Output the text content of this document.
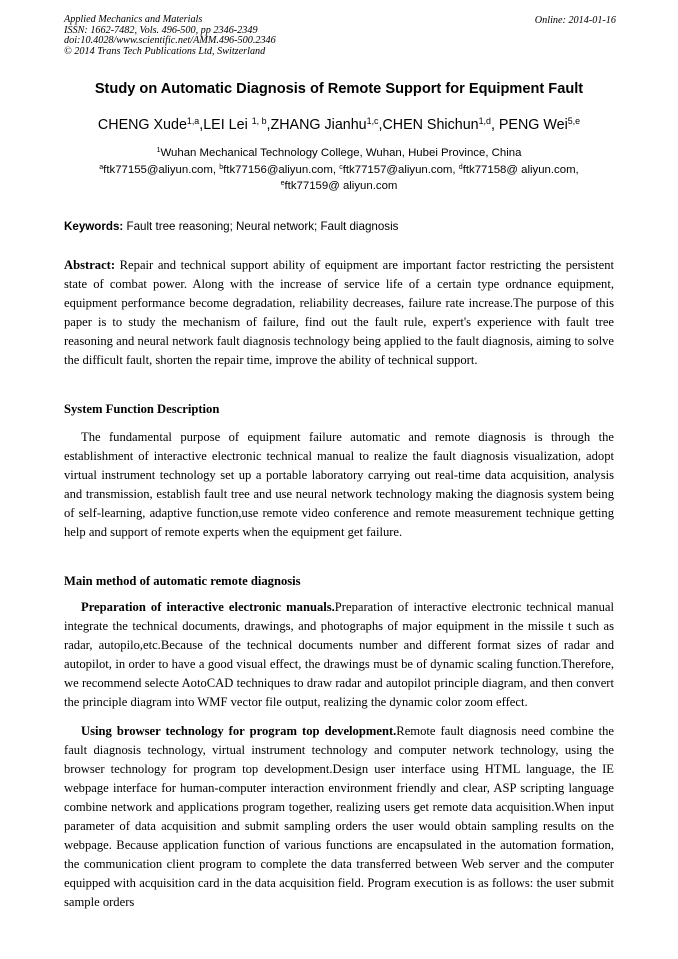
Applied Mechanics and Materials
ISSN: 1662-7482, Vols. 496-500, pp 2346-2349
doi:10.4028/www.scientific.net/AMM.496-500.2346
© 2014 Trans Tech Publications Ltd, Switzerland
Online: 2014-01-16
Study on Automatic Diagnosis of Remote Support for Equipment Fault
CHENG Xude$^{1,a}$,LEI Lei $^{1, b}$,ZHANG Jianhu$^{1,c}$,CHEN Shichun$^{1,d}$, PENG Wei$^{5,e}$
$^1$Wuhan Mechanical Technology College, Wuhan, Hubei Province, China
$^a$ftk77155@aliyun.com, $^b$ftk77156@aliyun.com, $^c$ftk77157@aliyun.com, $^d$ftk77158@ aliyun.com,
$^e$ftk77159@ aliyun.com
Keywords: Fault tree reasoning; Neural network; Fault diagnosis

Abstract: Repair and technical support ability of equipment are important factor restricting the persistent state of combat power. Along with the increase of service life of a certain type ordnance equipment, equipment performance become degradation, reliability decreases, failure rate increase.The purpose of this paper is to study the mechanism of failure, find out the fault rule, expert's experience with fault tree reasoning and neural network fault diagnosis technology being applied to the fault diagnosis, aiming to solve the difficult fault, shorten the repair time, improve the ability of technical support.

System Function Description

The fundamental purpose of equipment failure automatic and remote diagnosis is through the establishment of interactive electronic technical manual to realize the fault diagnosis visualization, adopt virtual instrument technology set up a portable laboratory carrying out real-time data acquisition, analysis and transmission, establish fault tree and use neural network technology making the diagnosis system being of self-learning, adaptive function,use remote video conference and remote measurement technique getting help and support of remote experts when the equipment get failure.

Main method of automatic remote diagnosis

Preparation of interactive electronic manuals.Preparation of interactive electronic technical manual integrate the technical documents, drawings, and photographs of major equipment in the missile t such as radar, autopilo,etc.Because of the technical documents number and different format sizes of radar and autopilot, in order to have a good visual effect, the drawings must be of dynamic scaling function.Therefore, we recommend selecte AotoCAD techniques to draw radar and autopilot principle diagram, and then convert the principle diagram into WMF vector file output, realizing the dynamic color zoom effect.

Using browser technology for program top development.Remote fault diagnosis need combine the fault diagnosis technology, virtual instrument technology and computer network technology, using the browser technology for program top development.Design user interface using HTML language, the IE webpage interface for human-computer interaction environment friendly and clear, ASP scripting language combine network and applications program together, realizing users get remote data acquisition.When input parameter of data acquisition and submit sampling orders the user would obtain sampling results on the webpage. Because application function of various functions are encapsulated in the automation formation, the communication client program to complete the data transferred between Web server and the computer equipped with acquisition card in the data acquisition field. Program execution is as follows: the user submit sample orders
